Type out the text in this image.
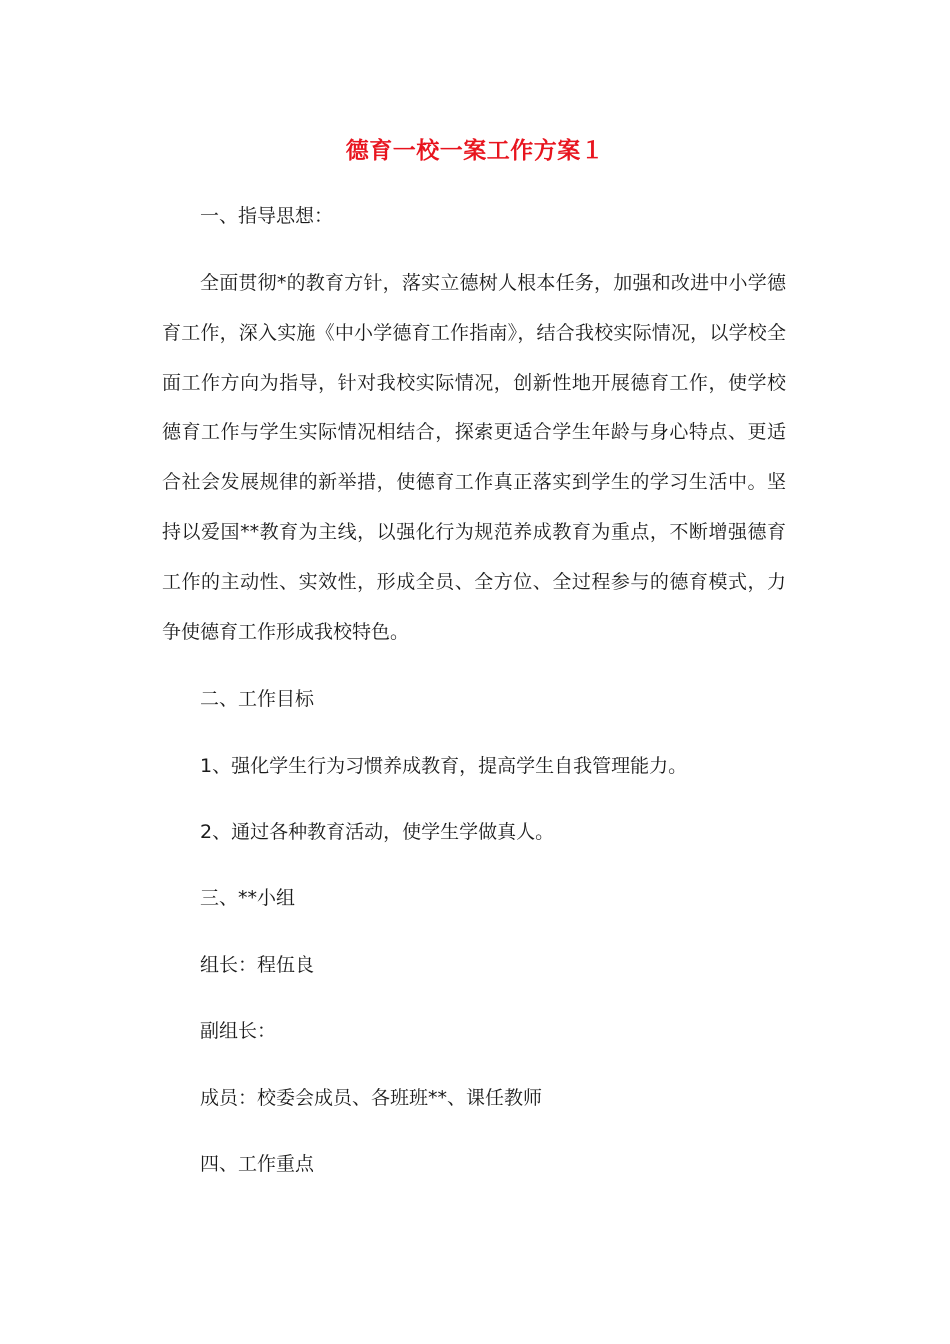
德育一校一案工作方案１

一、指导思想：

全面贯彻*的教育方针，落实立德树人根本任务，加强和改进中小学德育工作，深入实施《中小学德育工作指南》，结合我校实际情况，以学校全面工作方向为指导，针对我校实际情况，创新性地开展德育工作，使学校德育工作与学生实际情况相结合，探索更适合学生年龄与身心特点、更适合社会发展规律的新举措，使德育工作真正落实到学生的学习生活中。坚持以爱国**教育为主线，以强化行为规范养成教育为重点，不断增强德育工作的主动性、实效性，形成全员、全方位、全过程参与的德育模式，力争使德育工作形成我校特色。

二、工作目标

1、强化学生行为习惯养成教育，提高学生自我管理能力。

2、通过各种教育活动，使学生学做真人。

三、**小组

组长：程伍良

副组长：

成员：校委会成员、各班班**、课任教师

四、工作重点
